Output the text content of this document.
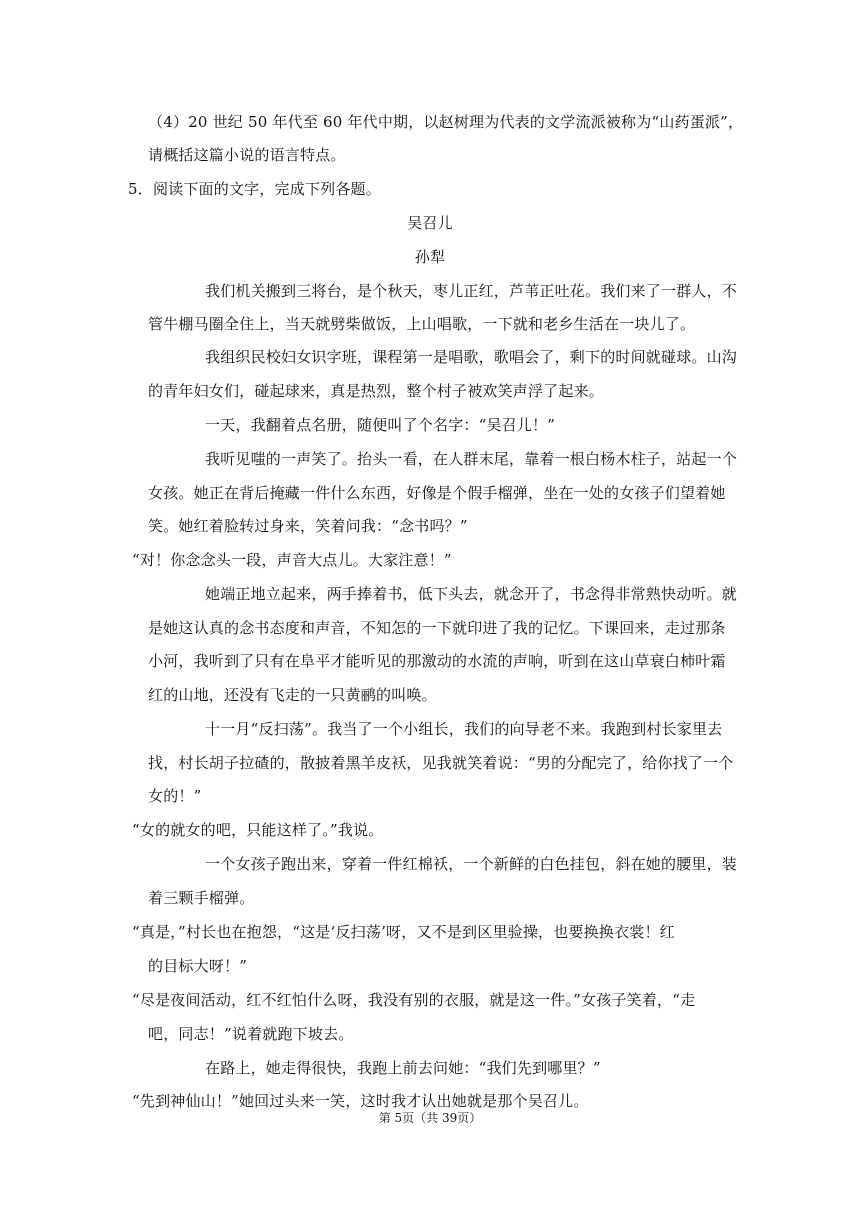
（4）20 世纪 50 年代至 60 年代中期，以赵树理为代表的文学流派被称为“山药蛋派”，
请概括这篇小说的语言特点。
5．阅读下面的文字，完成下列各题。
吴召儿
孙犁
我们机关搬到三将台，是个秋天，枣儿正红，芦苇正吐花。我们来了一群人，不
管牛棚马圈全住上，当天就劈柴做饭，上山唱歌，一下就和老乡生活在一块儿了。
我组织民校妇女识字班，课程第一是唱歌，歌唱会了，剩下的时间就碰球。山沟
的青年妇女们，碰起球来，真是热烈，整个村子被欢笑声浮了起来。
一天，我翻着点名册，随便叫了个名字：“吴召儿！”
我听见嗤的一声笑了。抬头一看，在人群末尾，靠着一根白杨木柱子，站起一个
女孩。她正在背后掩藏一件什么东西，好像是个假手榴弹，坐在一处的女孩子们望着她
笑。她红着脸转过身来，笑着问我：“念书吗？”
“对！你念念头一段，声音大点儿。大家注意！”
她端正地立起来，两手捧着书，低下头去，就念开了，书念得非常熟快动听。就
是她这认真的念书态度和声音，不知怎的一下就印进了我的记忆。下课回来，走过那条
小河，我听到了只有在阜平才能听见的那激动的水流的声响，听到在这山草衰白柿叶霜
红的山地，还没有飞走的一只黄鹂的叫唤。
十一月“反扫荡”。我当了一个小组长，我们的向导老不来。我跑到村长家里去
找，村长胡子拉碴的，散披着黑羊皮袄，见我就笑着说：“男的分配完了，给你找了一个
女的！”
“女的就女的吧，只能这样了。”我说。
一个女孩子跑出来，穿着一件红棉袄，一个新鲜的白色挂包，斜在她的腰里，装
着三颗手榴弹。
“真是，”村长也在抱怨，“这是‘反扫荡’呀，又不是到区里验操，也要换换衣裳！红
的目标大呀！”
“尽是夜间活动，红不红怕什么呀，我没有别的衣服，就是这一件。”女孩子笑着，“走
吧，同志！”说着就跑下坡去。
在路上，她走得很快，我跑上前去问她：“我们先到哪里？”
“先到神仙山！”她回过头来一笑，这时我才认出她就是那个吴召儿。
第 5页（共 39页）
